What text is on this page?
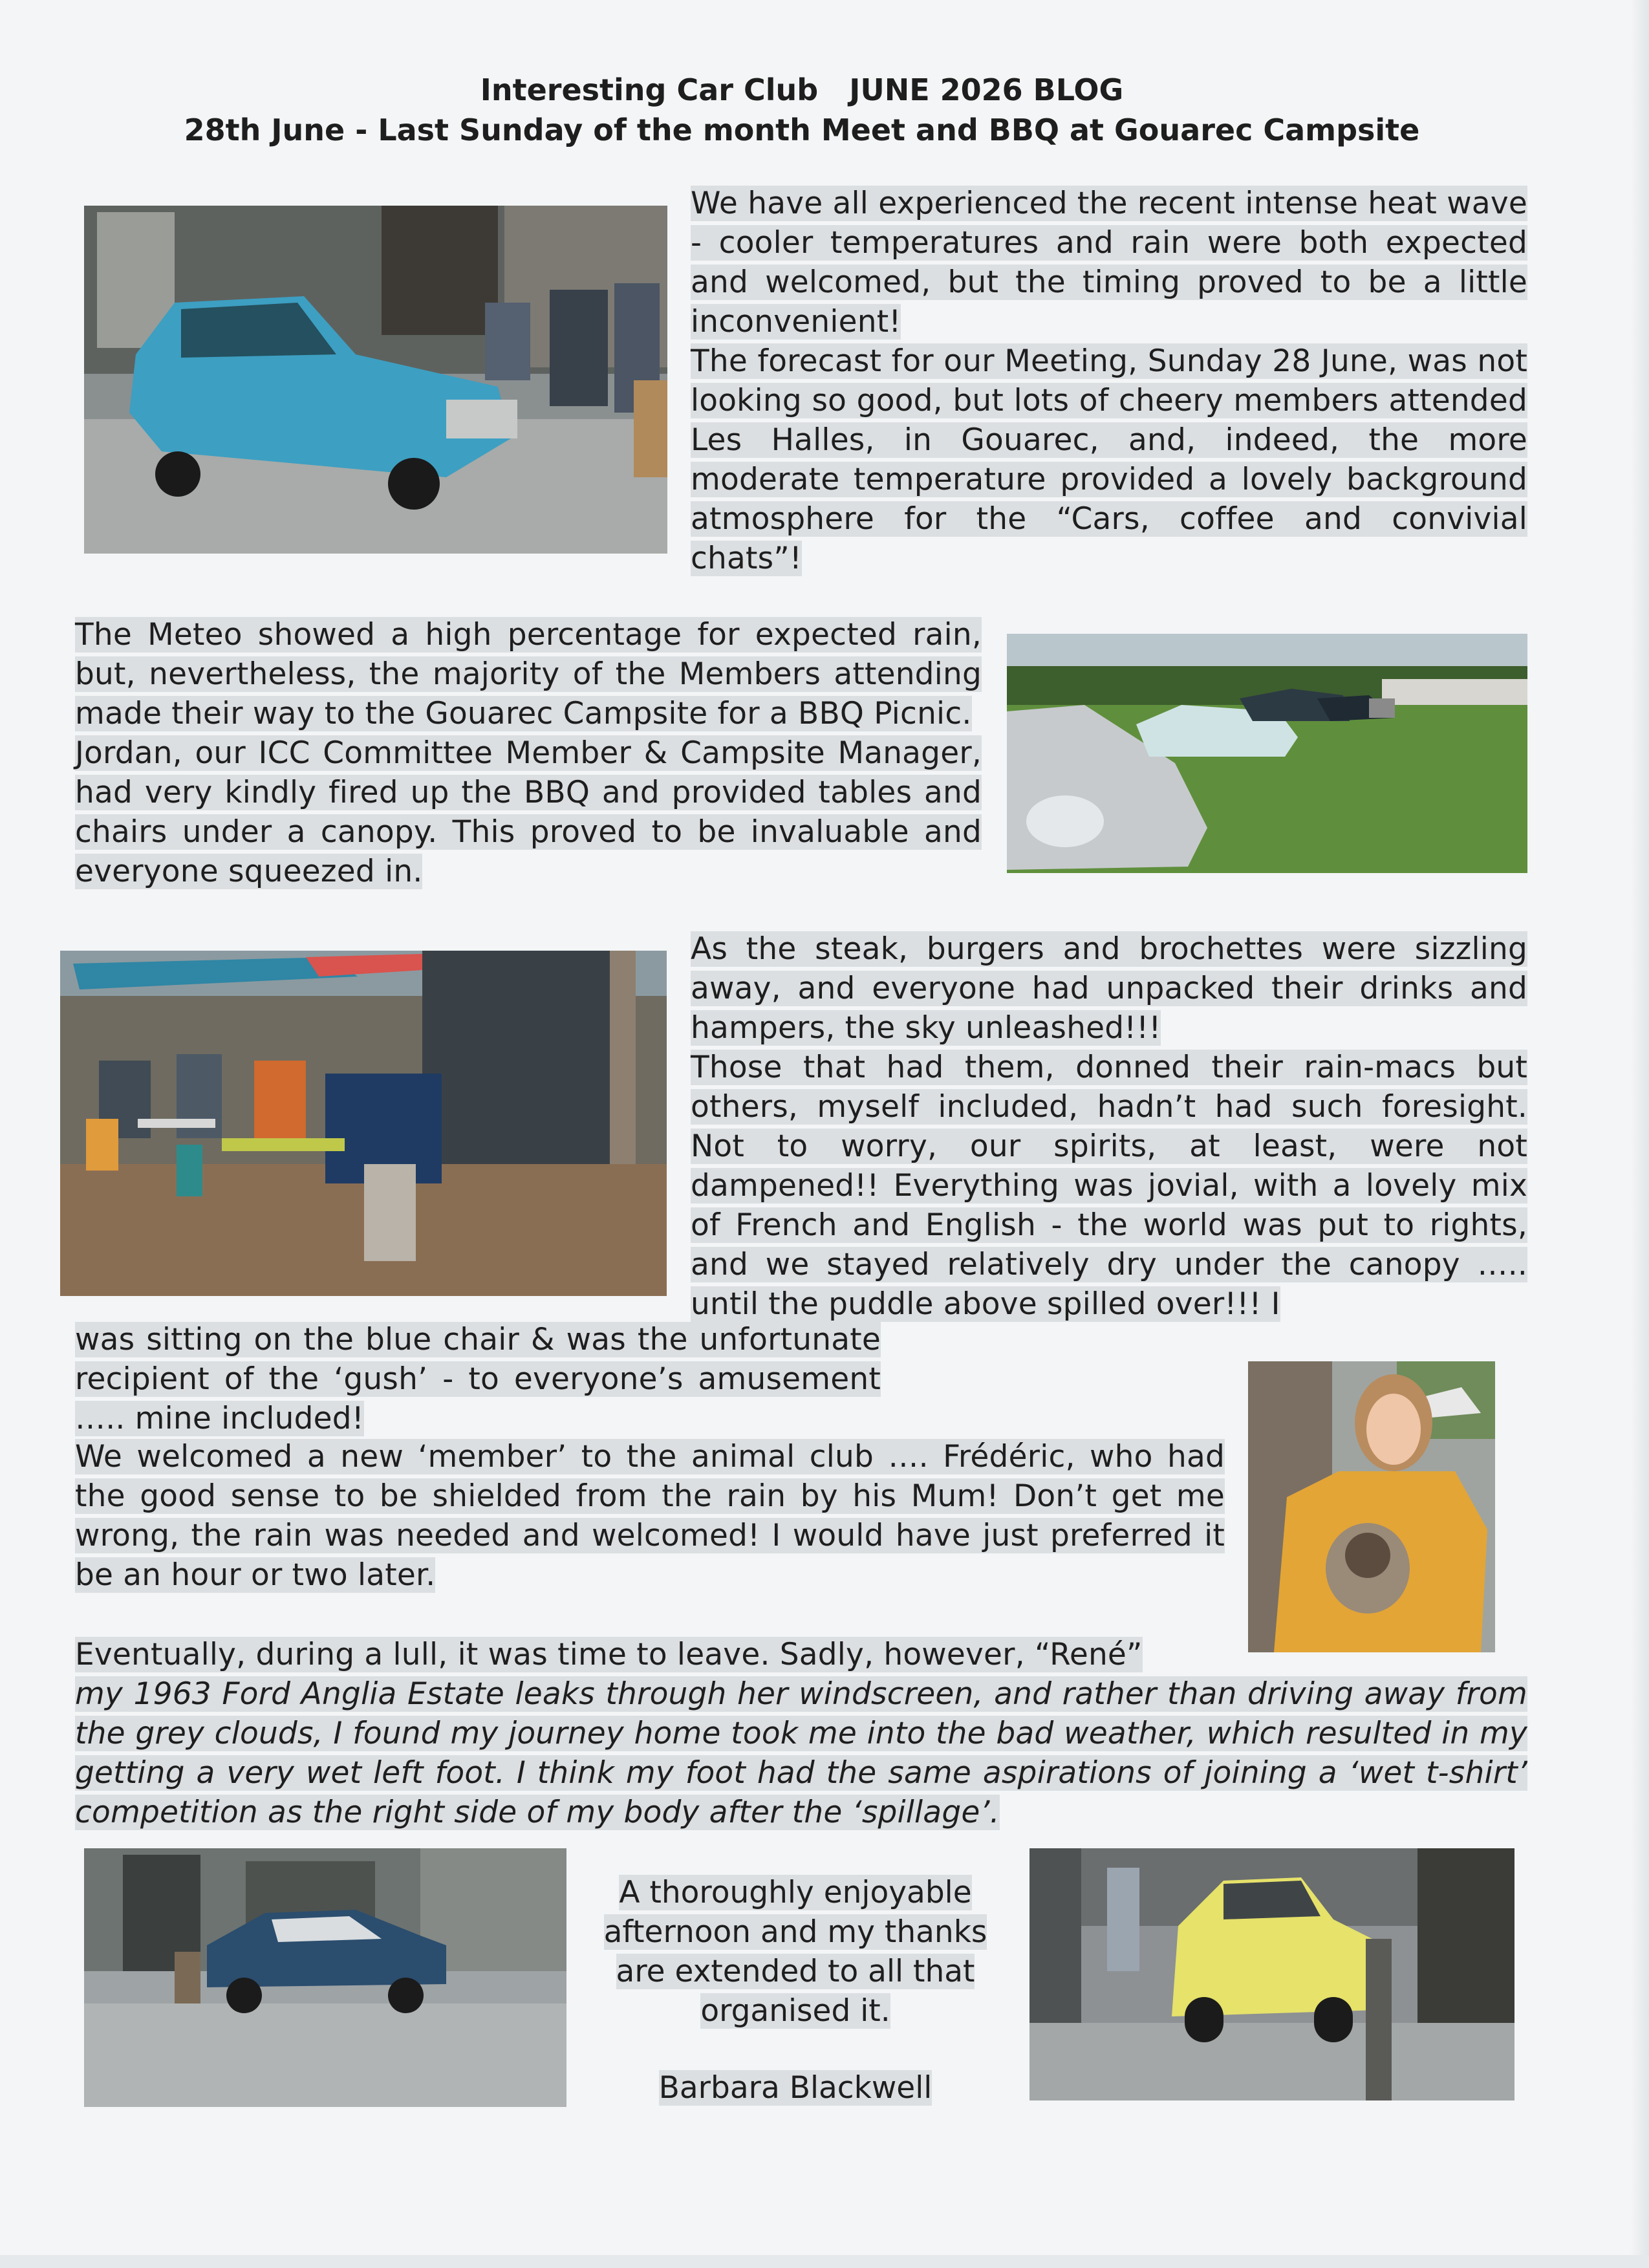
Interesting Car Club   JUNE 2026 BLOG
28th June - Last Sunday of the month Meet and BBQ at Gouarec Campsite

We have all experienced the recent intense heat wave - cooler temperatures and rain were both expected and welcomed, but the timing proved to be a little inconvenient!

The forecast for our Meeting, Sunday 28 June, was not looking so good, but lots of cheery members attended Les Halles, in Gouarec, and, indeed, the more moderate temperature provided a lovely background atmosphere for the “Cars, coffee and convivial chats”!

The Meteo showed a high percentage for expected rain, but, nevertheless, the majority of the Members attending made their way to the Gouarec Campsite for a BBQ Picnic.

Jordan, our ICC Committee Member & Campsite Manager, had very kindly fired up the BBQ and provided tables and chairs under a canopy. This proved to be invaluable and everyone squeezed in.

As the steak, burgers and brochettes were sizzling away, and everyone had unpacked their drinks and hampers, the sky unleashed!!!

Those that had them, donned their rain-macs but others, myself included, hadn’t had such foresight. Not to worry, our spirits, at least, were not dampened!! Everything was jovial, with a lovely mix of French and English - the world was put to rights, and we stayed relatively dry under the canopy ….. until the puddle above spilled over!!! I

was sitting on the blue chair & was the unfortunate recipient of the ‘gush’ - to everyone’s amusement ….. mine included!

We welcomed a new ‘member’ to the animal club …. Frédéric, who had the good sense to be shielded from the rain by his Mum! Don’t get me wrong, the rain was needed and welcomed! I would have just preferred it be an hour or two later.

Eventually, during a lull, it was time to leave. Sadly, however, “René”

my 1963 Ford Anglia Estate leaks through her windscreen, and rather than driving away from the grey clouds, I found my journey home took me into the bad weather, which resulted in my getting a very wet left foot. I think my foot had the same aspirations of joining a ‘wet t-shirt’ competition as the right side of my body after the ‘spillage’.

A thoroughly enjoyable afternoon and my thanks are extended to all that organised it.
Barbara Blackwell
